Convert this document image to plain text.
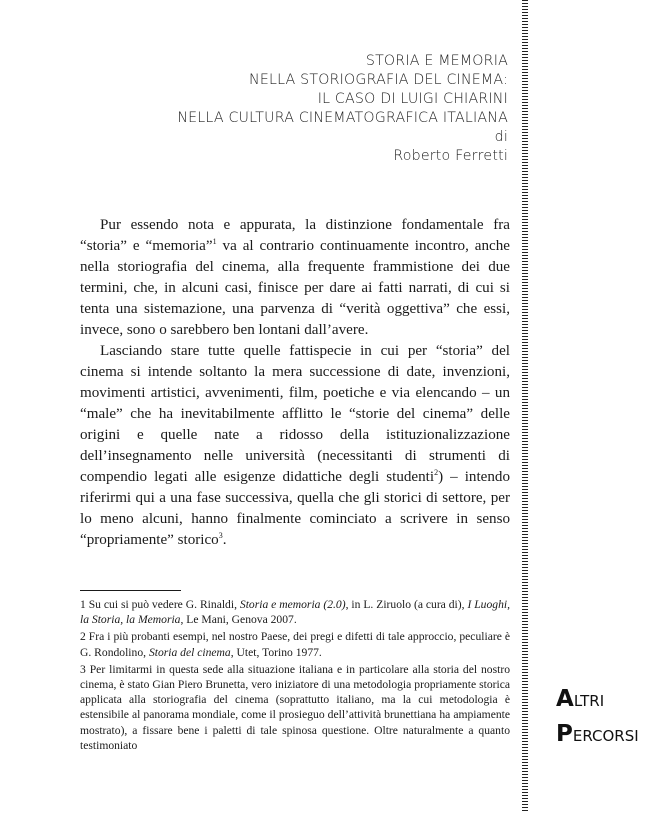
STORIA E MEMORIA
NELLA STORIOGRAFIA DEL CINEMA:
IL CASO DI LUIGI CHIARINI
NELLA CULTURA CINEMATOGRAFICA ITALIANA
di
Roberto Ferretti

Pur essendo nota e appurata, la distinzione fondamentale fra “storia” e “memoria”$^1$ va al contrario continuamente incontro, anche nella storiografia del cinema, alla frequente frammistione dei due termini, che, in alcuni casi, finisce per dare ai fatti narrati, di cui si tenta una sistemazione, una parvenza di “verità oggettiva” che essi, invece, sono o sarebbero ben lontani dall’avere.

Lasciando stare tutte quelle fattispecie in cui per “storia” del cinema si intende soltanto la mera successione di date, invenzioni, movimenti artistici, avvenimenti, film, poetiche e via elencando – un “male” che ha inevitabilmente afflitto le “storie del cinema” delle origini e quelle nate a ridosso della istituzionalizzazione dell’insegnamento nelle università (necessitanti di strumenti di compendio legati alle esigenze didattiche degli studenti$^2$) – intendo riferirmi qui a una fase successiva, quella che gli storici di settore, per lo meno alcuni, hanno finalmente cominciato a scrivere in senso “propriamente” storico$^3$.

1 Su cui si può vedere G. Rinaldi, Storia e memoria (2.0), in L. Ziruolo (a cura di), I Luoghi, la Storia, la Memoria, Le Mani, Genova 2007.

2 Fra i più probanti esempi, nel nostro Paese, dei pregi e difetti di tale approccio, peculiare è G. Rondolino, Storia del cinema, Utet, Torino 1977.

3 Per limitarmi in questa sede alla situazione italiana e in particolare alla storia del nostro cinema, è stato Gian Piero Brunetta, vero iniziatore di una metodologia propriamente storica applicata alla storiografia del cinema (soprattutto italiano, ma la cui metodologia è estensibile al panorama mondiale, come il prosieguo dell’attività brunettiana ha ampiamente mostrato), a fissare bene i paletti di tale spinosa questione. Oltre naturalmente a quanto testimoniato

ALTRI
PERCORSI
